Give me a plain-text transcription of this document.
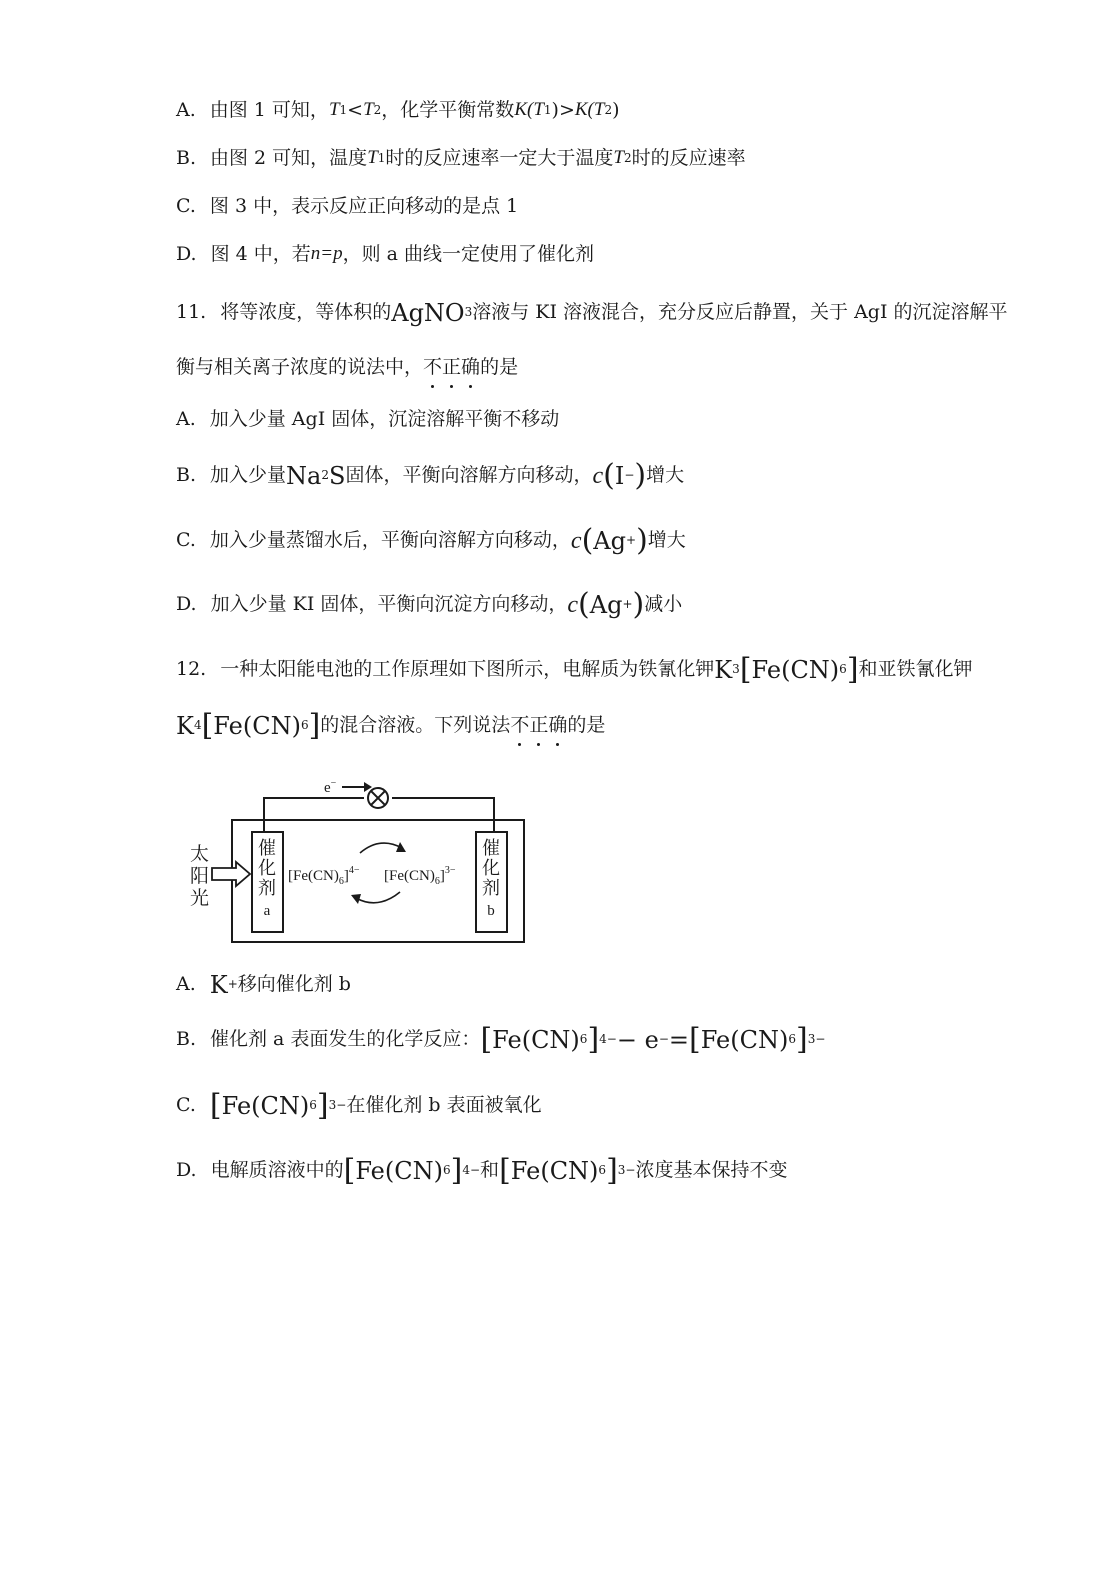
A. 由图 1 可知， T 1 < T 2 ，化学平衡常数 K(T 1 )> K(T 2 )
B. 由图 2 可知，温度 T 1 时的反应速率一定大于温度 T 2 时的反应速率
C. 图 3 中，表示反应正向移动的是点 1
D. 图 4 中，若 n=p ，则 a 曲线一定使用了催化剂
11. 将等浓度，等体积的 AgNO 3 溶液与 KI 溶液混合，充分反应后静置，关于 AgI 的沉淀溶解平
衡与相关离子浓度的说法中， 不 正 确 的是
A. 加入少量 AgI 固体，沉淀溶解平衡不移动
B. 加入少量 Na 2 S 固体，平衡向溶解方向移动， c ( I − ) 增大
C. 加入少量蒸馏水后，平衡向溶解方向移动， c ( Ag + ) 增大
D. 加入少量 KI 固体，平衡向沉淀方向移动， c ( Ag + ) 减小
12. 一种太阳能电池的工作原理如下图所示，电解质为铁氰化钾 K 3 [ Fe(CN) 6 ] 和亚铁氰化钾
K 4 [ Fe(CN) 6 ] 的混合溶液。下列说法 不 正 确 的是
e−
太
阳
光
催
化
剂
a
催
化
剂
b
$[Fe(CN)_6]^{4-}$ $[Fe(CN)_6]^{3-}$
A. K + 移向催化剂 b
B. 催化剂 a 表面发生的化学反应： [ Fe(CN) 6 ] 4− − e − = [ Fe(CN) 6 ] 3−
C. [ Fe(CN) 6 ] 3− 在催化剂 b 表面被氧化
D. 电解质溶液中的 [ Fe(CN) 6 ] 4− 和 [ Fe(CN) 6 ] 3− 浓度基本保持不变
